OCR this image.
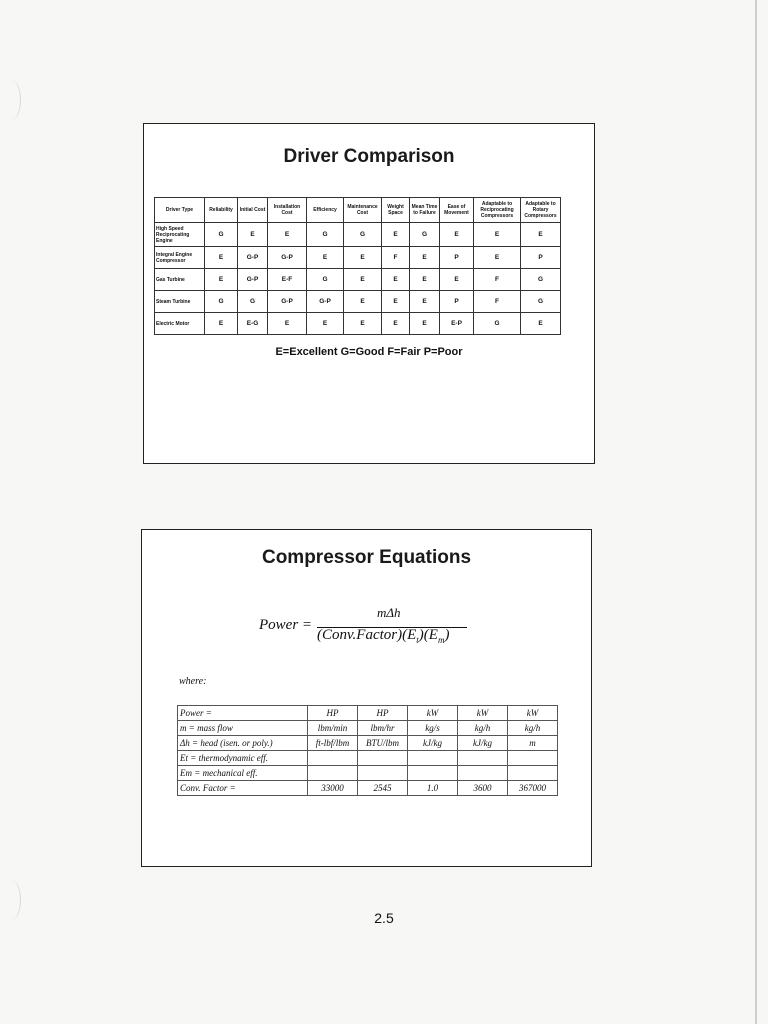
Driver Comparison
Driver Type	Reliability	Initial Cost	Installation Cost	Efficiency	Maintenance Cost	Weight Space	Mean Time to Failure	Ease of Movement	Adaptable to Reciprocating Compressors	Adaptable to Rotary Compressors
High Speed Reciprocating Engine	G	E	E	G	G	E	G	E	E	E
Integral Engine Compressor	E	G-P	G-P	E	E	F	E	P	E	P
Gas Turbine	E	G-P	E-F	G	E	E	E	E	F	G
Steam Turbine	G	G	G-P	G-P	E	E	E	P	F	G
Electric Motor	E	E-G	E	E	E	E	E	E-P	G	E
E=Excellent G=Good F=Fair P=Poor
Compressor Equations
Power =
mΔh
$(Conv.Factor)(E_t)(E_m)$
where:
Power =	HP	HP	kW	kW	kW
m = mass flow	lbm/min	lbm/hr	kg/s	kg/h	kg/h
Δh = head (isen. or poly.)	ft-lbf/lbm	BTU/lbm	kJ/kg	kJ/kg	m
Et = thermodynamic eff.					
Em = mechanical eff.					
Conv. Factor =	33000	2545	1.0	3600	367000
2.5
